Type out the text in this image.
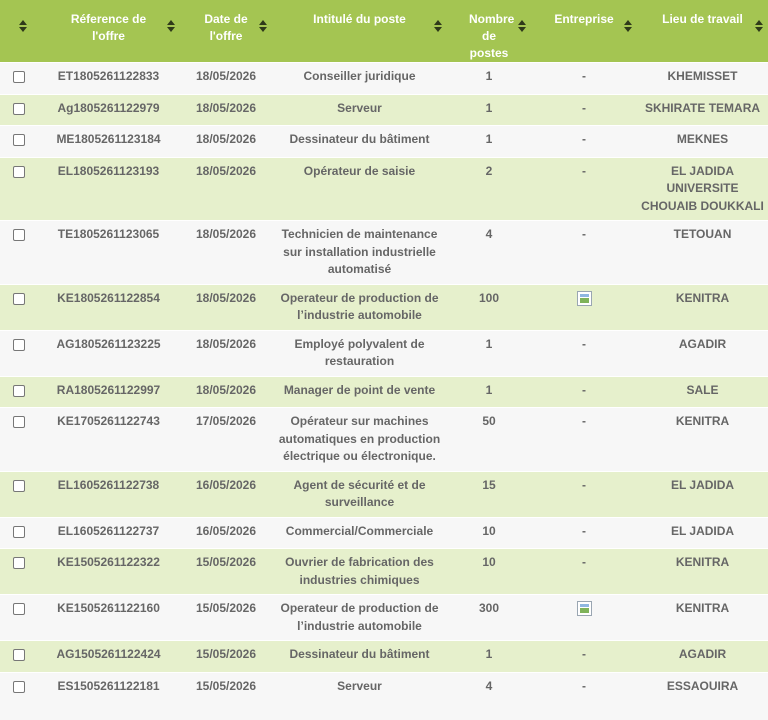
	Réference de l'offre	Date de l'offre	Intitulé du poste	Nombre de postes	Entreprise	Lieu de travail

	ET1805261122833	18/05/2026	Conseiller juridique	1	-	KHEMISSET
	Ag1805261122979	18/05/2026	Serveur	1	-	SKHIRATE TEMARA
	ME1805261123184	18/05/2026	Dessinateur du bâtiment	1	-	MEKNES
	EL1805261123193	18/05/2026	Opérateur de saisie	2	-	EL JADIDA UNIVERSITE CHOUAIB DOUKKALI
	TE1805261123065	18/05/2026	Technicien de maintenance sur installation industrielle automatisé	4	-	TETOUAN
	KE1805261122854	18/05/2026	Operateur de production de l’industrie automobile	100		KENITRA
	AG1805261123225	18/05/2026	Employé polyvalent de restauration	1	-	AGADIR
	RA1805261122997	18/05/2026	Manager de point de vente	1	-	SALE
	KE1705261122743	17/05/2026	Opérateur sur machines automatiques en production électrique ou électronique.	50	-	KENITRA
	EL1605261122738	16/05/2026	Agent de sécurité et de surveillance	15	-	EL JADIDA
	EL1605261122737	16/05/2026	Commercial/Commerciale	10	-	EL JADIDA
	KE1505261122322	15/05/2026	Ouvrier de fabrication des industries chimiques	10	-	KENITRA
	KE1505261122160	15/05/2026	Operateur de production de l’industrie automobile	300		KENITRA
	AG1505261122424	15/05/2026	Dessinateur du bâtiment	1	-	AGADIR
	ES1505261122181	15/05/2026	Serveur	4	-	ESSAOUIRA
